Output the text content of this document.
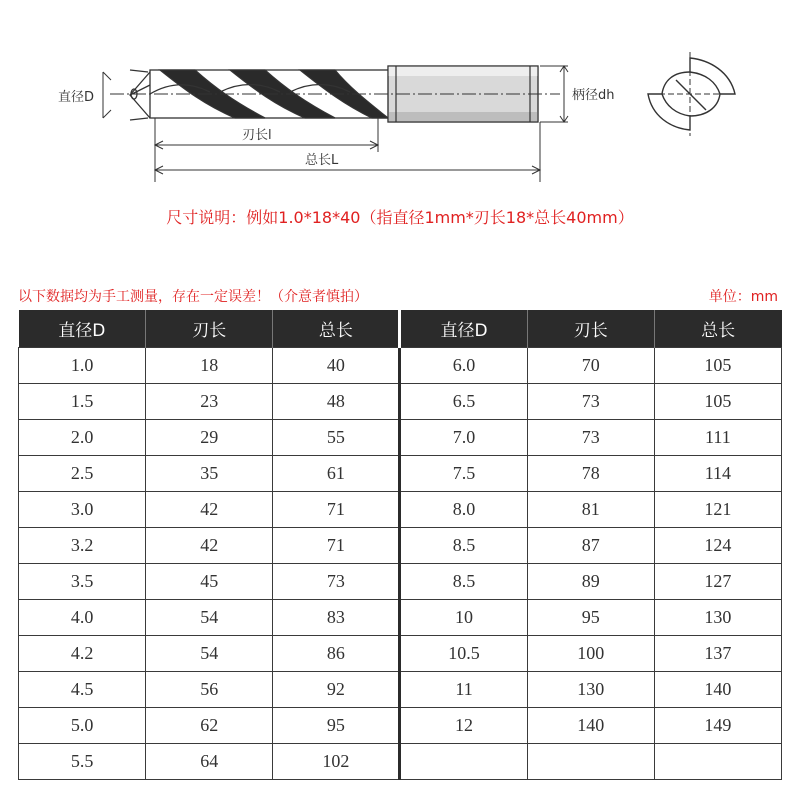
直径D	柄径dh
刃长l
总长L
尺寸说明：例如1.0*18*40（指直径1mm*刃长18*总长40mm）
以下数据均为手工测量，存在一定误差！（介意者慎拍）	单位：mm
直径D	刃长	总长	直径D	刃长	总长
1.0	18	40	6.0	70	105
1.5	23	48	6.5	73	105
2.0	29	55	7.0	73	111
2.5	35	61	7.5	78	114
3.0	42	71	8.0	81	121
3.2	42	71	8.5	87	124
3.5	45	73	8.5	89	127
4.0	54	83	10	95	130
4.2	54	86	10.5	100	137
4.5	56	92	11	130	140
5.0	62	95	12	140	149
5.5	64	102			
